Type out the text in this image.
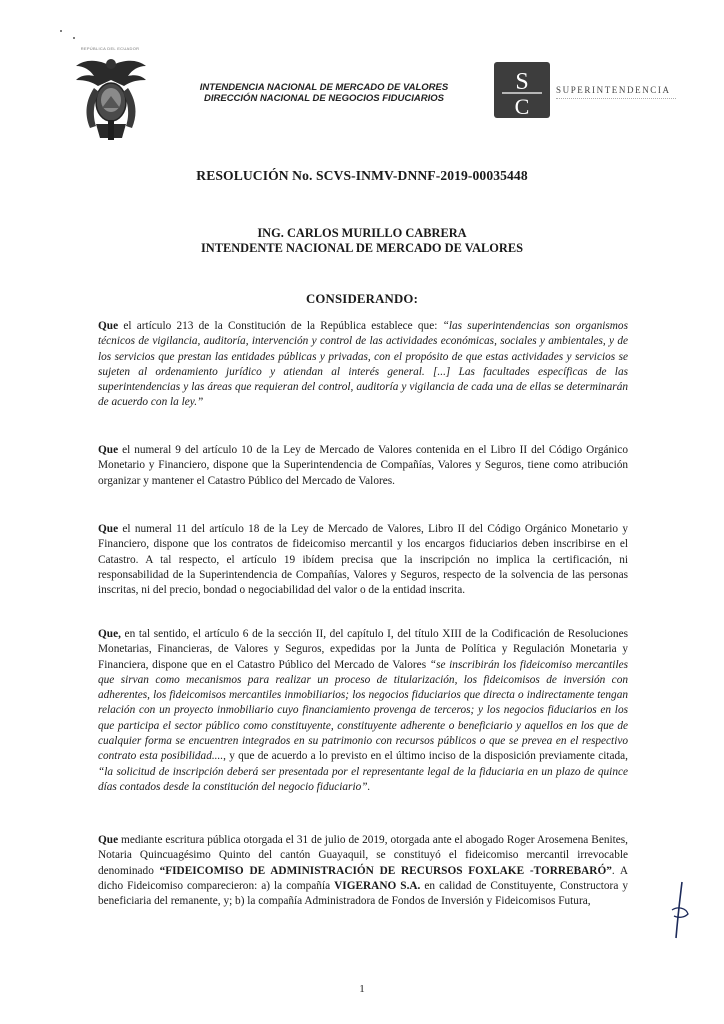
REPÚBLICA DEL ECUADOR
INTENDENCIA NACIONAL DE MERCADO DE VALORES
DIRECCIÓN NACIONAL DE NEGOCIOS FIDUCIARIOS
S
C
SUPERINTENDENCIA
RESOLUCIÓN No. SCVS-INMV-DNNF-2019-00035448
ING. CARLOS MURILLO CABRERA
INTENDENTE NACIONAL DE MERCADO DE VALORES
CONSIDERANDO:
Que el artículo 213 de la Constitución de la República establece que: “las superintendencias son organismos técnicos de vigilancia, auditoría, intervención y control de las actividades económicas, sociales y ambientales, y de los servicios que prestan las entidades públicas y privadas, con el propósito de que estas actividades y servicios se sujeten al ordenamiento jurídico y atiendan al interés general. [...] Las facultades específicas de las superintendencias y las áreas que requieran del control, auditoría y vigilancia de cada una de ellas se determinarán de acuerdo con la ley.”
Que el numeral 9 del artículo 10 de la Ley de Mercado de Valores contenida en el Libro II del Código Orgánico Monetario y Financiero, dispone que la Superintendencia de Compañías, Valores y Seguros, tiene como atribución organizar y mantener el Catastro Público del Mercado de Valores.
Que el numeral 11 del artículo 18 de la Ley de Mercado de Valores, Libro II del Código Orgánico Monetario y Financiero, dispone que los contratos de fideicomiso mercantil y los encargos fiduciarios deben inscribirse en el Catastro. A tal respecto, el artículo 19 ibídem precisa que la inscripción no implica la certificación, ni responsabilidad de la Superintendencia de Compañías, Valores y Seguros, respecto de la solvencia de las personas inscritas, ni del precio, bondad o negociabilidad del valor o de la entidad inscrita.
Que, en tal sentido, el artículo 6 de la sección II, del capítulo I, del título XIII de la Codificación de Resoluciones Monetarias, Financieras, de Valores y Seguros, expedidas por la Junta de Política y Regulación Monetaria y Financiera, dispone que en el Catastro Público del Mercado de Valores “se inscribirán los fideicomiso mercantiles que sirvan como mecanismos para realizar un proceso de titularización, los fideicomisos de inversión con adherentes, los fideicomisos mercantiles inmobiliarios; los negocios fiduciarios que directa o indirectamente tengan relación con un proyecto inmobiliario cuyo financiamiento provenga de terceros; y los negocios fiduciarios en los que participa el sector público como constituyente, constituyente adherente o beneficiario y aquellos en los que de cualquier forma se encuentren integrados en su patrimonio con recursos públicos o que se prevea en el respectivo contrato esta posibilidad...., y que de acuerdo a lo previsto en el último inciso de la disposición previamente citada, “la solicitud de inscripción deberá ser presentada por el representante legal de la fiduciaria en un plazo de quince días contados desde la constitución del negocio fiduciario”.
Que mediante escritura pública otorgada el 31 de julio de 2019, otorgada ante el abogado Roger Arosemena Benites, Notaria Quincuagésimo Quinto del cantón Guayaquil, se constituyó el fideicomiso mercantil irrevocable denominado “FIDEICOMISO DE ADMINISTRACIÓN DE RECURSOS FOXLAKE -TORREBARÓ”. A dicho Fideicomiso comparecieron: a) la compañía VIGERANO S.A. en calidad de Constituyente, Constructora y beneficiaria del remanente, y; b) la compañía Administradora de Fondos de Inversión y Fideicomisos Futura,
1
